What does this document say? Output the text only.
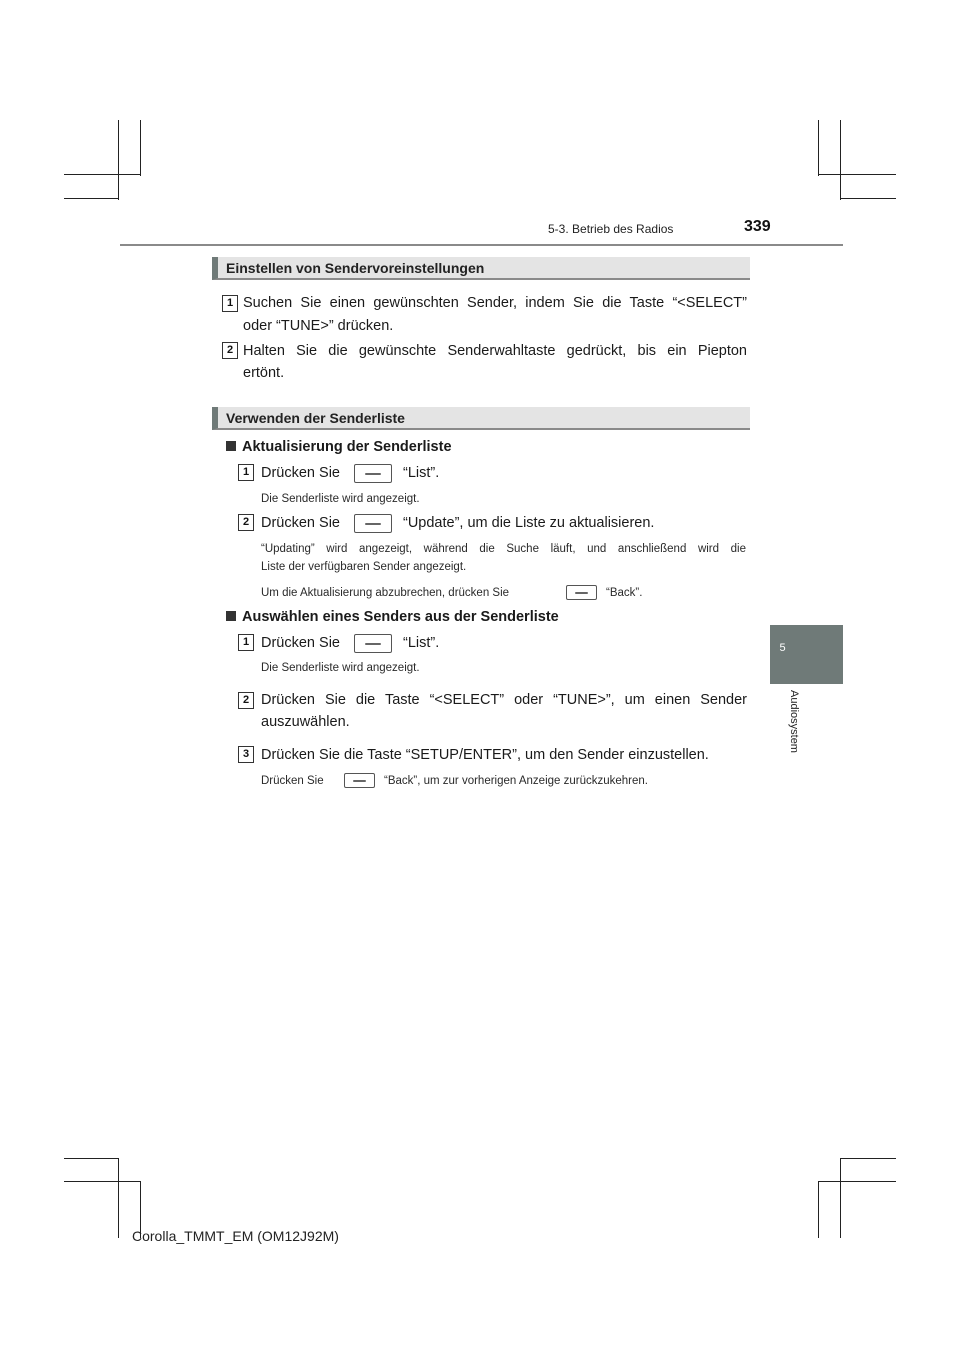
5-3. Betrieb des Radios	339
5
Audiosystem
Einstellen von Sendervoreinstellungen
1 Suchen Sie einen gewünschten Sender, indem Sie die Taste “<SELECT”
oder “TUNE>” drücken.
2 Halten Sie die gewünschte Senderwahltaste gedrückt, bis ein Piepton
ertönt.
Verwenden der Senderliste
Aktualisierung der Senderliste
1 Drücken Sie	“List”.
Die Senderliste wird angezeigt.
2 Drücken Sie	“Update”, um die Liste zu aktualisieren.
“Updating” wird angezeigt, während die Suche läuft, und anschließend wird die
Liste der verfügbaren Sender angezeigt.
Um die Aktualisierung abzubrechen, drücken Sie	“Back”.
Auswählen eines Senders aus der Senderliste
1 Drücken Sie	“List”.
Die Senderliste wird angezeigt.
2 Drücken Sie die Taste “<SELECT” oder “TUNE>”, um einen Sender
auszuwählen.
3 Drücken Sie die Taste “SETUP/ENTER”, um den Sender einzustellen.
Drücken Sie	“Back”, um zur vorherigen Anzeige zurückzukehren.
Corolla_TMMT_EM (OM12J92M)
